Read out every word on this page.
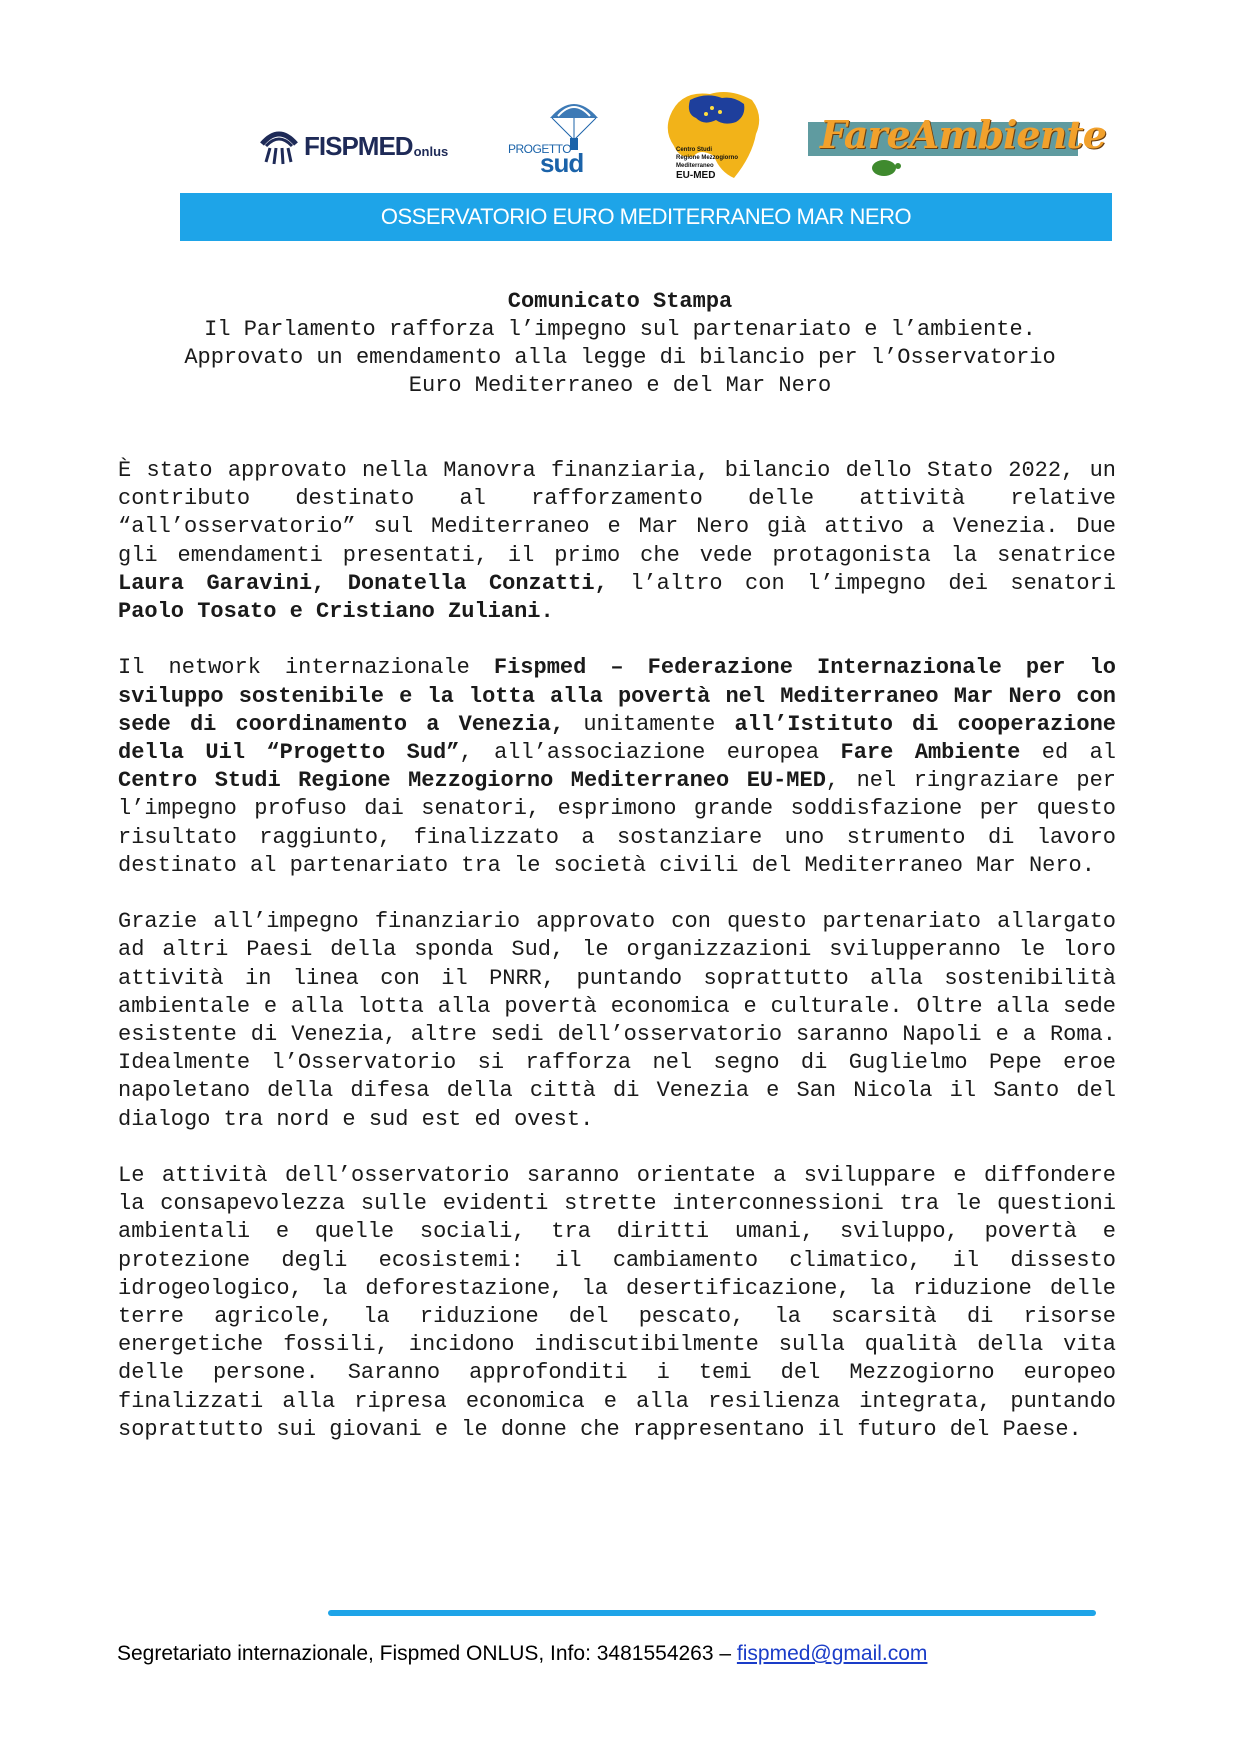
FISPMED onlus	PROGETTO
sud	Centro Studi
Regione Mezzogiorno Mediterraneo
EU-MED
FareAmbiente
MOVIMENTO ECOLOGISTA EUROPEO
OSSERVATORIO EURO MEDITERRANEO MAR NERO
Comunicato Stampa
Il Parlamento rafforza l’impegno sul partenariato e l’ambiente.
Approvato un emendamento alla legge di bilancio per l’Osservatorio
Euro Mediterraneo e del Mar Nero

È stato approvato nella Manovra finanziaria, bilancio dello Stato 2022, un contributo destinato al rafforzamento delle attività relative “all’osservatorio” sul Mediterraneo e Mar Nero già attivo a Venezia. Due gli emendamenti presentati, il primo che vede protagonista la senatrice Laura Garavini, Donatella Conzatti, l’altro con l’impegno dei senatori Paolo Tosato e Cristiano Zuliani.

Il network internazionale Fispmed – Federazione Internazionale per lo sviluppo sostenibile e la lotta alla povertà nel Mediterraneo Mar Nero con sede di coordinamento a Venezia, unitamente all’Istituto di cooperazione della Uil “Progetto Sud”, all’associazione europea Fare Ambiente ed al Centro Studi Regione Mezzogiorno Mediterraneo EU-MED, nel ringraziare per l’impegno profuso dai senatori, esprimono grande soddisfazione per questo risultato raggiunto, finalizzato a sostanziare uno strumento di lavoro destinato al partenariato tra le società civili del Mediterraneo Mar Nero.

Grazie all’impegno finanziario approvato con questo partenariato allargato ad altri Paesi della sponda Sud, le organizzazioni svilupperanno le loro attività in linea con il PNRR, puntando soprattutto alla sostenibilità ambientale e alla lotta alla povertà economica e culturale. Oltre alla sede esistente di Venezia, altre sedi dell’osservatorio saranno Napoli e a Roma. Idealmente l’Osservatorio si rafforza nel segno di Guglielmo Pepe eroe napoletano della difesa della città di Venezia e San Nicola il Santo del dialogo tra nord e sud est ed ovest.

Le attività dell’osservatorio saranno orientate a sviluppare e diffondere la consapevolezza sulle evidenti strette interconnessioni tra le questioni ambientali e quelle sociali, tra diritti umani, sviluppo, povertà e protezione degli ecosistemi: il cambiamento climatico, il dissesto idrogeologico, la deforestazione, la desertificazione, la riduzione delle terre agricole, la riduzione del pescato, la scarsità di risorse energetiche fossili, incidono indiscutibilmente sulla qualità della vita delle persone. Saranno approfonditi i temi del Mezzogiorno europeo finalizzati alla ripresa economica e alla resilienza integrata, puntando soprattutto sui giovani e le donne che rappresentano il futuro del Paese.

Segretariato internazionale, Fispmed ONLUS, Info: 3481554263 – fispmed@gmail.com
